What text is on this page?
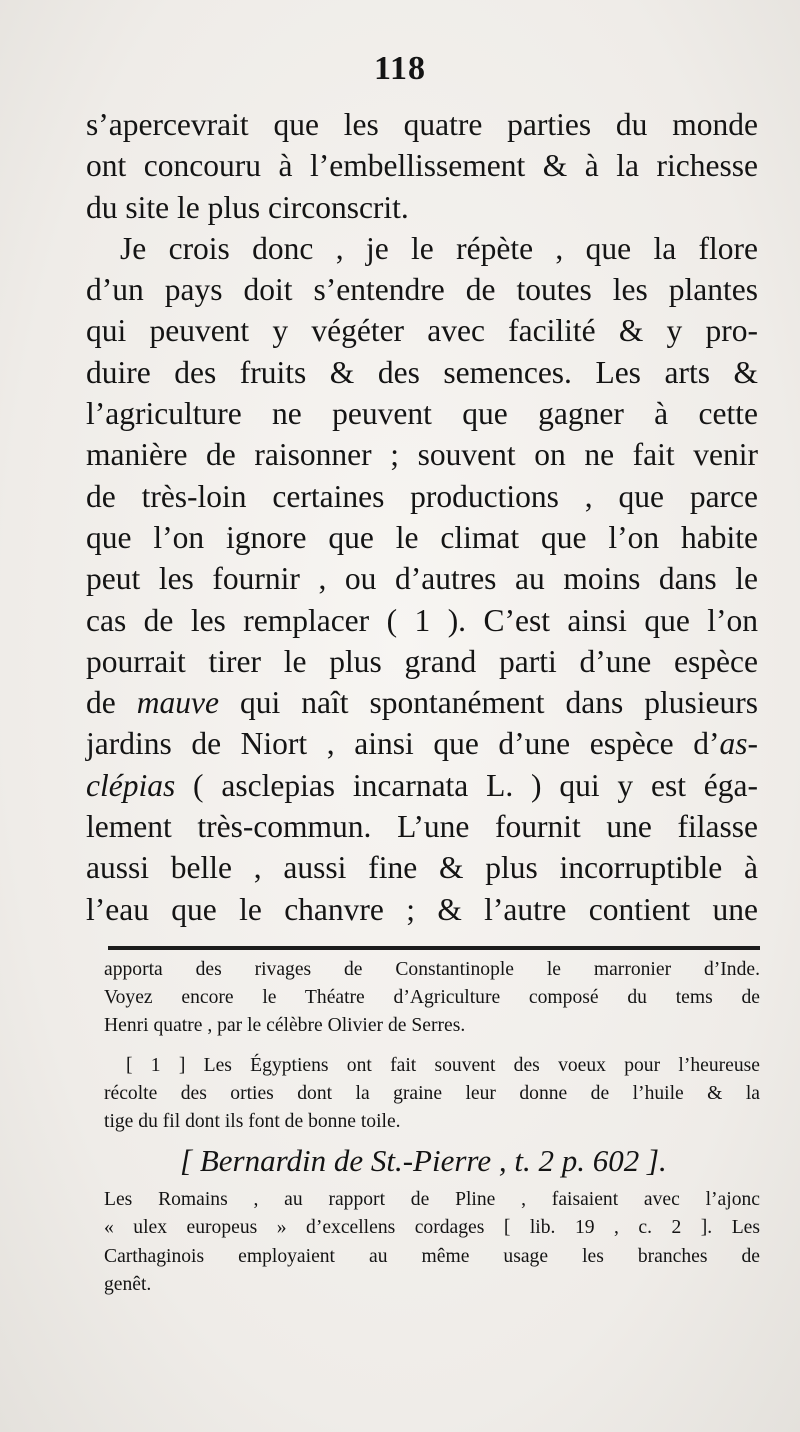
118
s’apercevrait que les quatre parties du monde
ont concouru à l’embellissement & à la richesse
du site le plus circonscrit.
Je crois donc , je le répète , que la flore
d’un pays doit s’entendre de toutes les plantes
qui peuvent y végéter avec facilité & y pro-
duire des fruits & des semences. Les arts &
l’agriculture ne peuvent que gagner à cette
manière de raisonner ; souvent on ne fait venir
de très-loin certaines productions , que parce
que l’on ignore que le climat que l’on habite
peut les fournir , ou d’autres au moins dans le
cas de les remplacer ( 1 ). C’est ainsi que l’on
pourrait tirer le plus grand parti d’une espèce
de mauve qui naît spontanément dans plusieurs
jardins de Niort , ainsi que d’une espèce d’as-
clépias ( asclepias incarnata L. ) qui y est éga-
lement très-commun. L’une fournit une filasse
aussi belle , aussi fine & plus incorruptible à
l’eau que le chanvre ; & l’autre contient une
apporta des rivages de Constantinople le marronier d’Inde.
Voyez encore le Théatre d’Agriculture composé du tems de
Henri quatre , par le célèbre Olivier de Serres.
[ 1 ] Les Égyptiens ont fait souvent des voeux pour l’heureuse
récolte des orties dont la graine leur donne de l’huile & la
tige du fil dont ils font de bonne toile.
[ Bernardin de St.-Pierre , t. 2 p. 602 ].
Les Romains , au rapport de Pline , faisaient avec l’ajonc
« ulex europeus » d’excellens cordages [ lib. 19 , c. 2 ]. Les
Carthaginois employaient au même usage les branches de
genêt.
